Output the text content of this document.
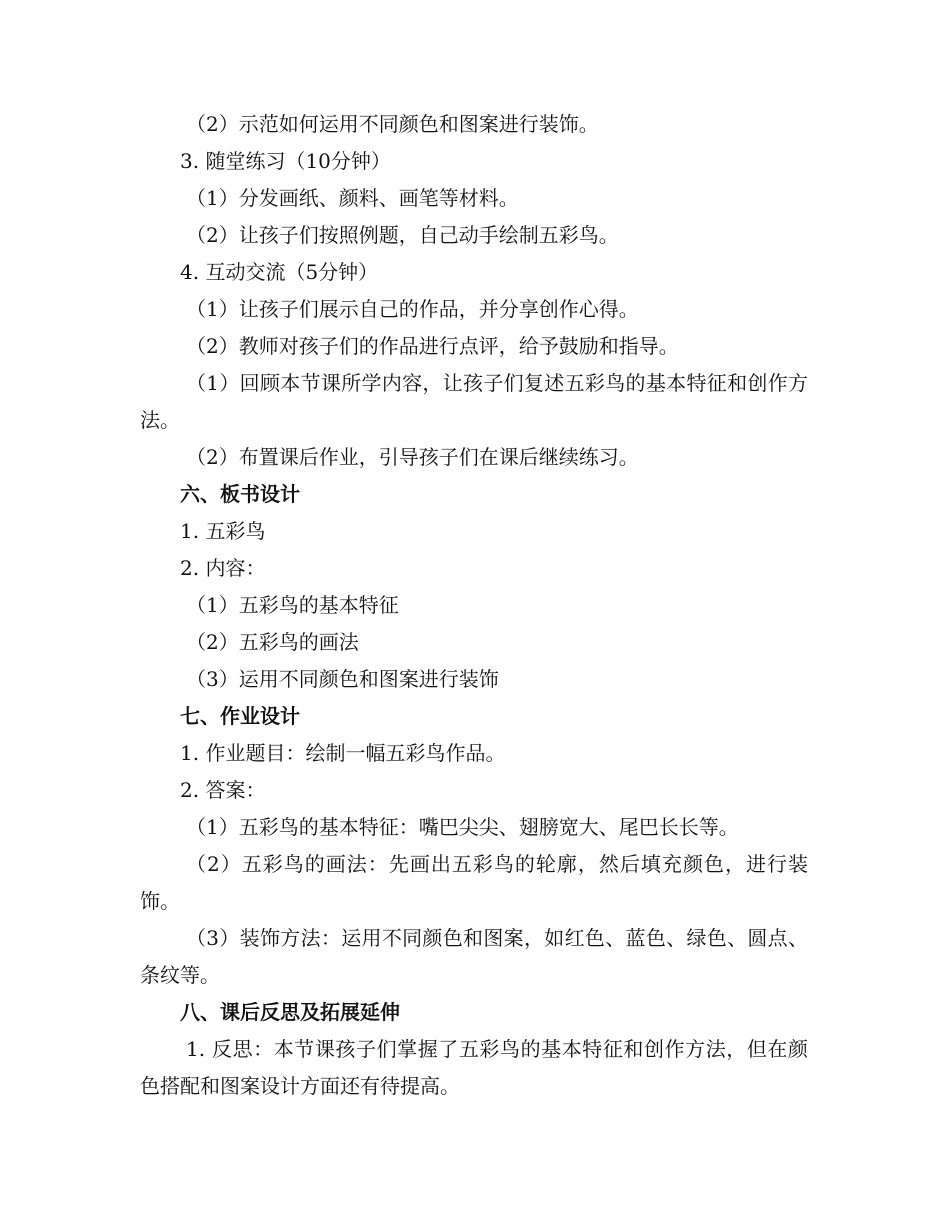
（2）示范如何运用不同颜色和图案进行装饰。

3. 随堂练习（10分钟）

（1）分发画纸、颜料、画笔等材料。

（2）让孩子们按照例题，自己动手绘制五彩鸟。

4. 互动交流（5分钟）

（1）让孩子们展示自己的作品，并分享创作心得。

（2）教师对孩子们的作品进行点评，给予鼓励和指导。

（1）回顾本节课所学内容，让孩子们复述五彩鸟的基本特征和创作方法。

（2）布置课后作业，引导孩子们在课后继续练习。

六、板书设计

1. 五彩鸟

2. 内容：

（1）五彩鸟的基本特征

（2）五彩鸟的画法

（3）运用不同颜色和图案进行装饰

七、作业设计

1. 作业题目：绘制一幅五彩鸟作品。

2. 答案：

（1）五彩鸟的基本特征：嘴巴尖尖、翅膀宽大、尾巴长长等。

（2）五彩鸟的画法：先画出五彩鸟的轮廓，然后填充颜色，进行装饰。

（3）装饰方法：运用不同颜色和图案，如红色、蓝色、绿色、圆点、条纹等。

八、课后反思及拓展延伸

1. 反思：本节课孩子们掌握了五彩鸟的基本特征和创作方法，但在颜色搭配和图案设计方面还有待提高。
